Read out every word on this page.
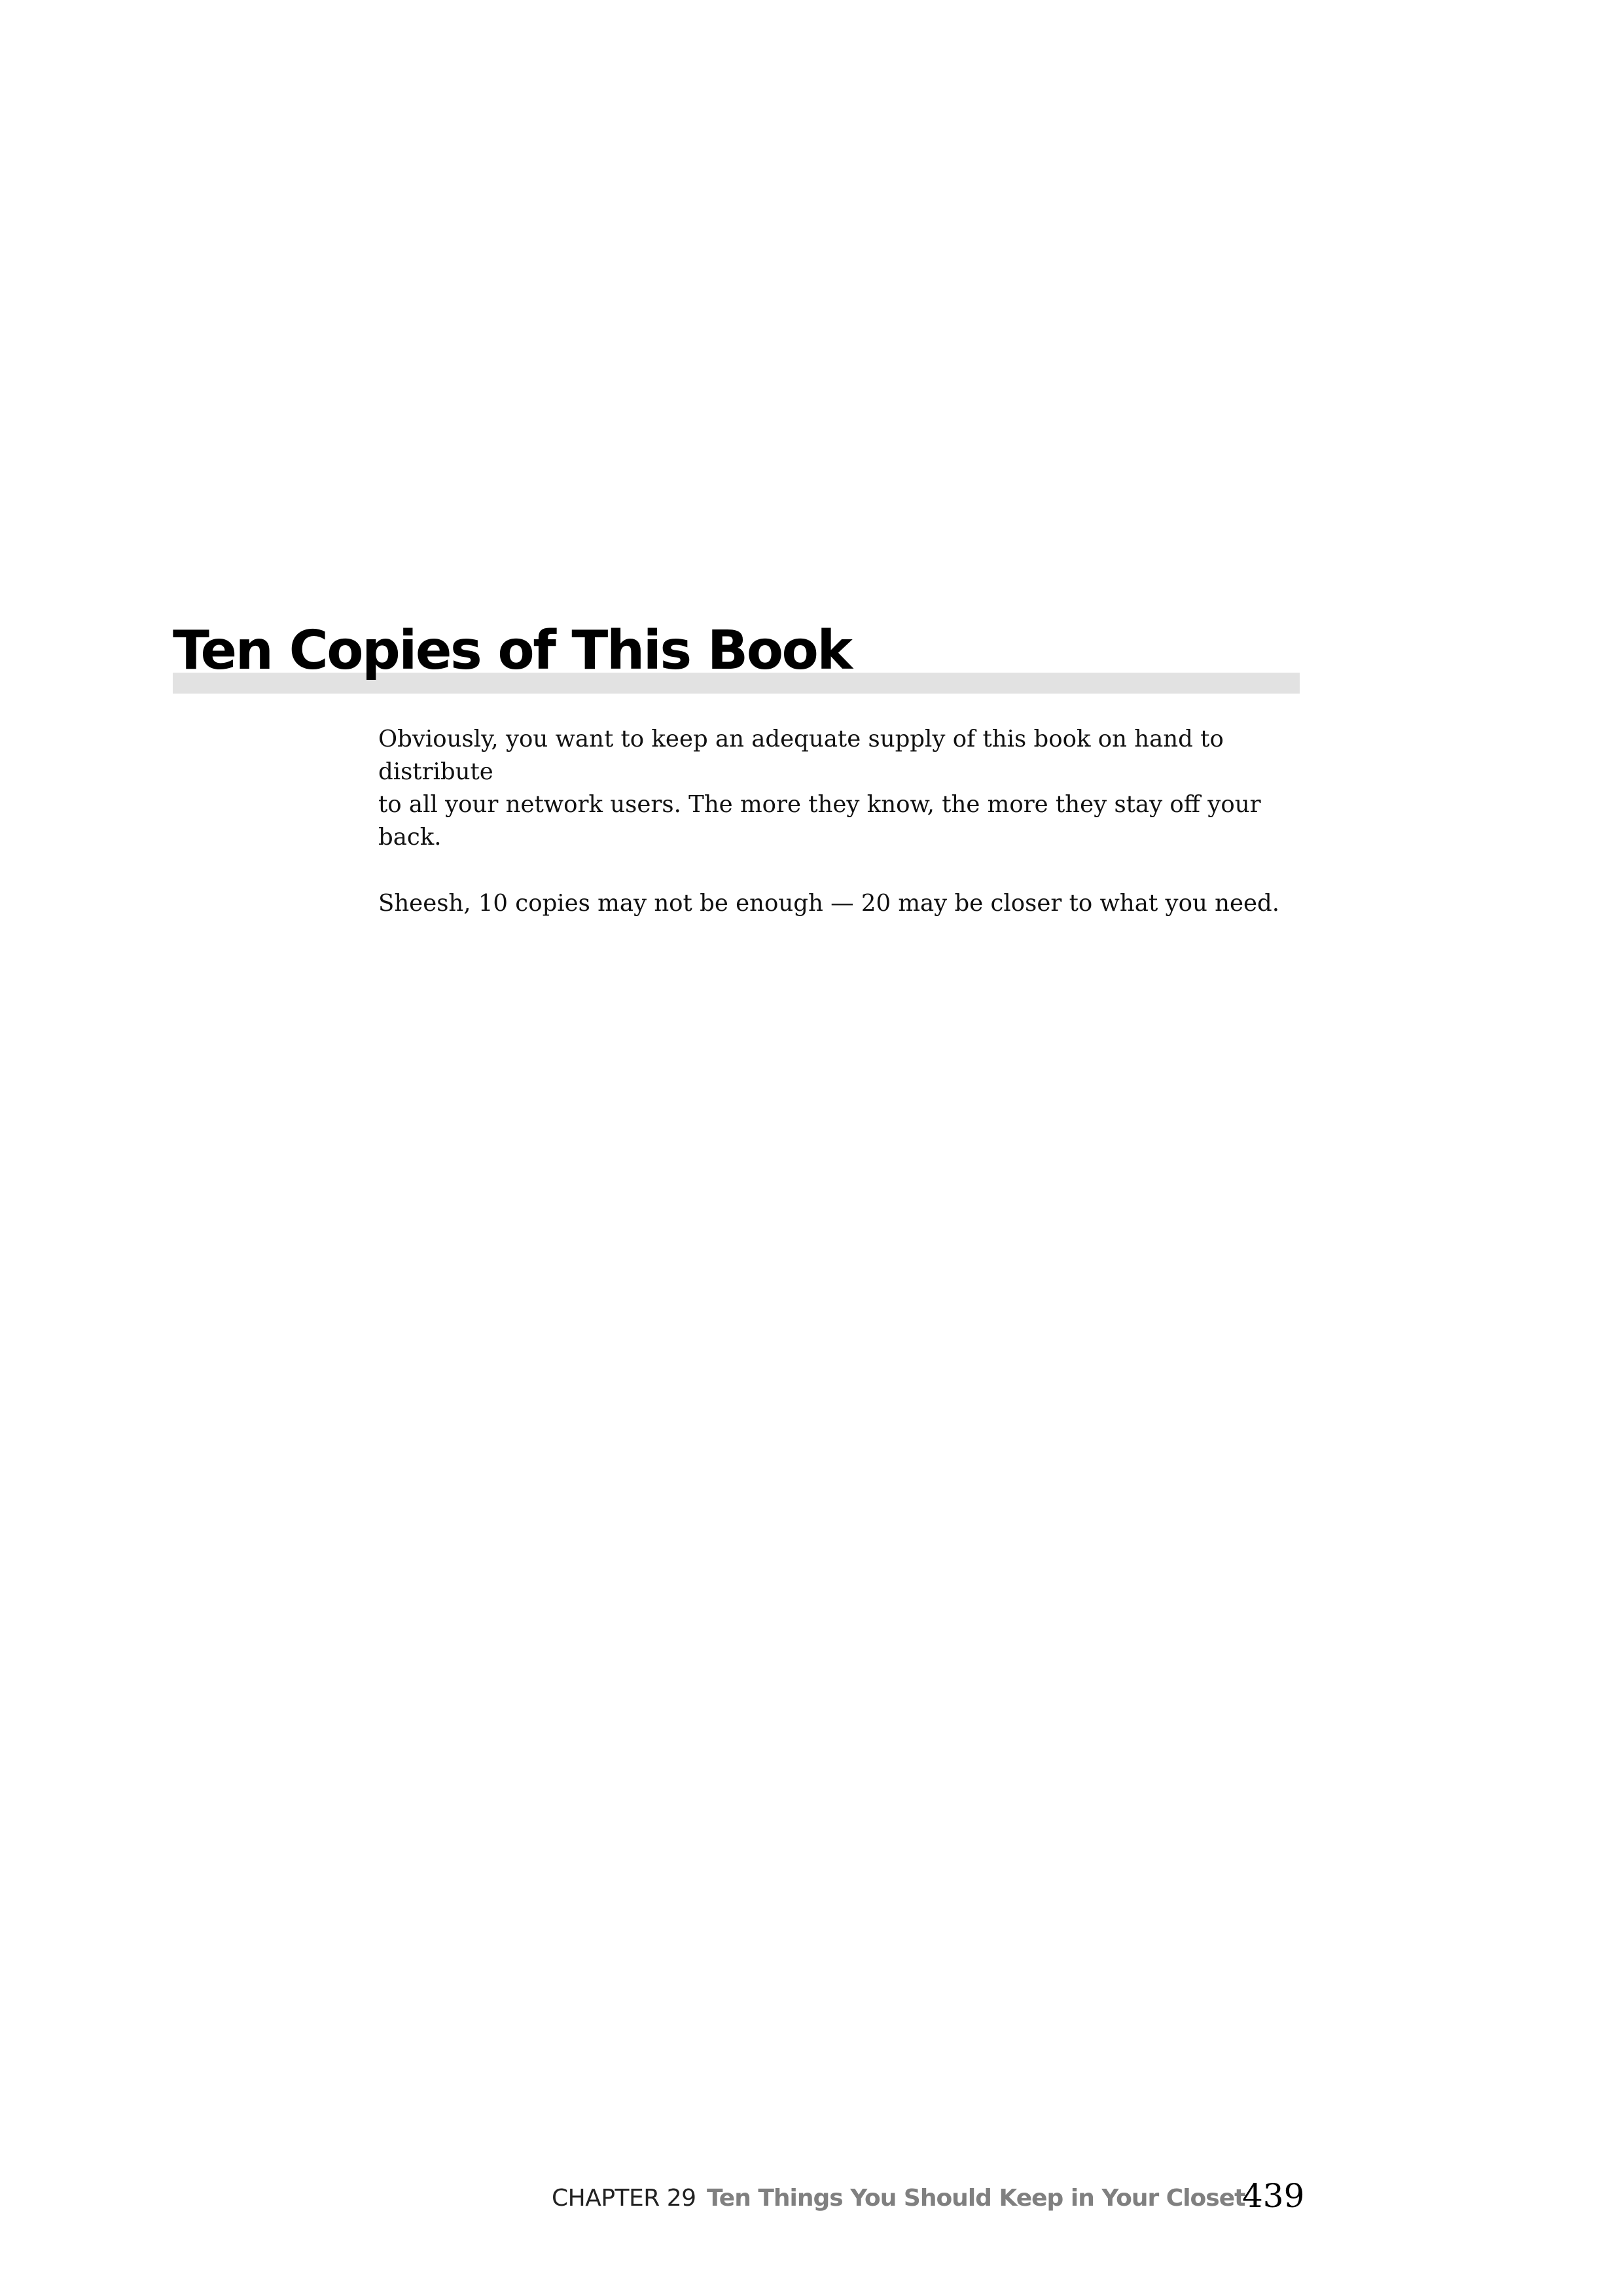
Ten Copies of This Book

Obviously, you want to keep an adequate supply of this book on hand to distribute
to all your network users. The more they know, the more they stay off your back.

Sheesh, 10 copies may not be enough — 20 may be closer to what you need.

CHAPTER 29 Ten Things You Should Keep in Your Closet
439
